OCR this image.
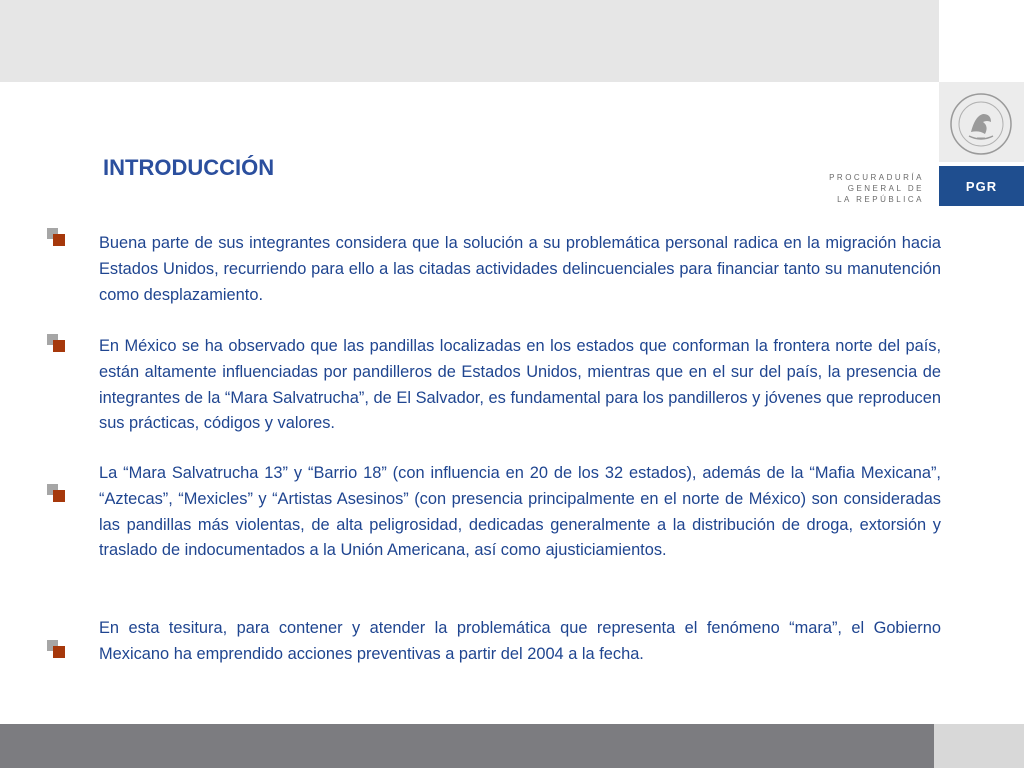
PROCURADURÍA
GENERAL DE
LA REPÚBLICA
PGR
INTRODUCCIÓN

Buena parte de sus integrantes considera que la solución a su problemática personal radica en la migración hacia Estados Unidos, recurriendo para ello a las citadas actividades delincuenciales para financiar tanto su manutención como desplazamiento.

En México se ha observado que las pandillas localizadas en los estados que conforman la frontera norte del país, están altamente influenciadas por pandilleros de Estados Unidos, mientras que en el sur del país, la presencia de integrantes de la “Mara Salvatrucha”, de El Salvador, es fundamental para los pandilleros y jóvenes que reproducen sus prácticas, códigos y valores.

La “Mara Salvatrucha 13” y “Barrio 18” (con influencia en 20 de los 32 estados), además de la “Mafia Mexicana”, “Aztecas”, “Mexicles” y “Artistas Asesinos” (con presencia principalmente en el norte de México) son consideradas las pandillas más violentas, de alta peligrosidad, dedicadas generalmente a la distribución de droga, extorsión y traslado de indocumentados a la Unión Americana, así como ajusticiamientos.

En esta tesitura, para contener y atender la problemática que representa el fenómeno “mara”, el Gobierno Mexicano ha emprendido acciones preventivas a partir del 2004 a la fecha.
